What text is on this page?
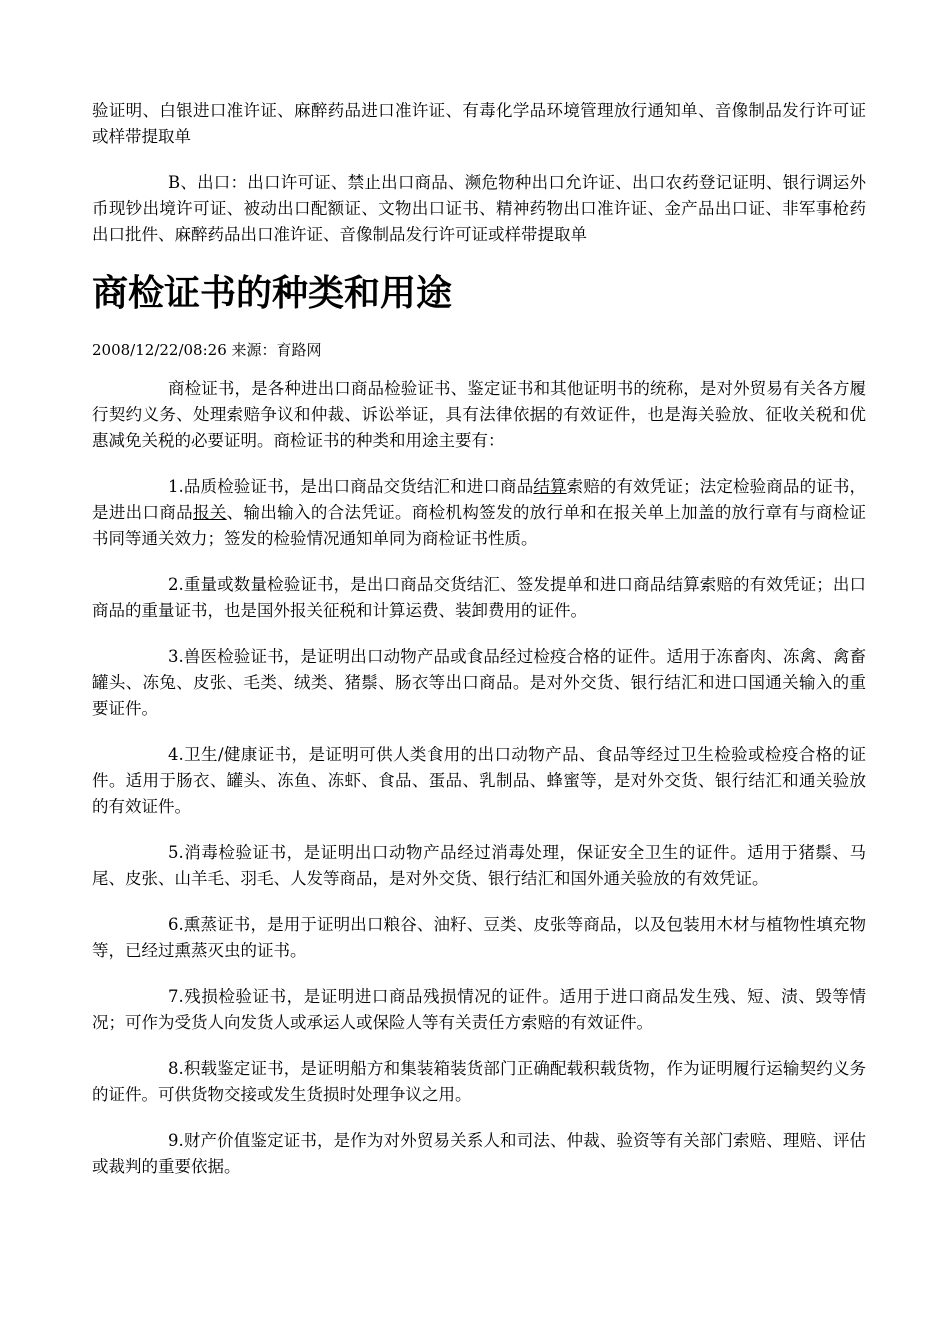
验证明、白银进口准许证、麻醉药品进口准许证、有毒化学品环境管理放行通知单、音像制品发行许可证或样带提取单

B、出口：出口许可证、禁止出口商品、濒危物种出口允许证、出口农药登记证明、银行调运外币现钞出境许可证、被动出口配额证、文物出口证书、精神药物出口准许证、金产品出口证、非军事枪药出口批件、麻醉药品出口准许证、音像制品发行许可证或样带提取单

商检证书的种类和用途

2008/12/22/08:26 来源：育路网

商检证书，是各种进出口商品检验证书、鉴定证书和其他证明书的统称，是对外贸易有关各方履行契约义务、处理索赔争议和仲裁、诉讼举证，具有法律依据的有效证件，也是海关验放、征收关税和优惠减免关税的必要证明。商检证书的种类和用途主要有：

1.品质检验证书，是出口商品交货结汇和进口商品结算索赔的有效凭证；法定检验商品的证书，是进出口商品报关、输出输入的合法凭证。商检机构签发的放行单和在报关单上加盖的放行章有与商检证书同等通关效力；签发的检验情况通知单同为商检证书性质。

2.重量或数量检验证书，是出口商品交货结汇、签发提单和进口商品结算索赔的有效凭证；出口商品的重量证书，也是国外报关征税和计算运费、装卸费用的证件。

3.兽医检验证书，是证明出口动物产品或食品经过检疫合格的证件。适用于冻畜肉、冻禽、禽畜罐头、冻兔、皮张、毛类、绒类、猪鬃、肠衣等出口商品。是对外交货、银行结汇和进口国通关输入的重要证件。

4.卫生/健康证书，是证明可供人类食用的出口动物产品、食品等经过卫生检验或检疫合格的证件。适用于肠衣、罐头、冻鱼、冻虾、食品、蛋品、乳制品、蜂蜜等，是对外交货、银行结汇和通关验放的有效证件。

5.消毒检验证书，是证明出口动物产品经过消毒处理，保证安全卫生的证件。适用于猪鬃、马尾、皮张、山羊毛、羽毛、人发等商品，是对外交货、银行结汇和国外通关验放的有效凭证。

6.熏蒸证书，是用于证明出口粮谷、油籽、豆类、皮张等商品，以及包装用木材与植物性填充物等，已经过熏蒸灭虫的证书。

7.残损检验证书，是证明进口商品残损情况的证件。适用于进口商品发生残、短、渍、毁等情况；可作为受货人向发货人或承运人或保险人等有关责任方索赔的有效证件。

8.积载鉴定证书，是证明船方和集装箱装货部门正确配载积载货物，作为证明履行运输契约义务的证件。可供货物交接或发生货损时处理争议之用。

9.财产价值鉴定证书，是作为对外贸易关系人和司法、仲裁、验资等有关部门索赔、理赔、评估或裁判的重要依据。
